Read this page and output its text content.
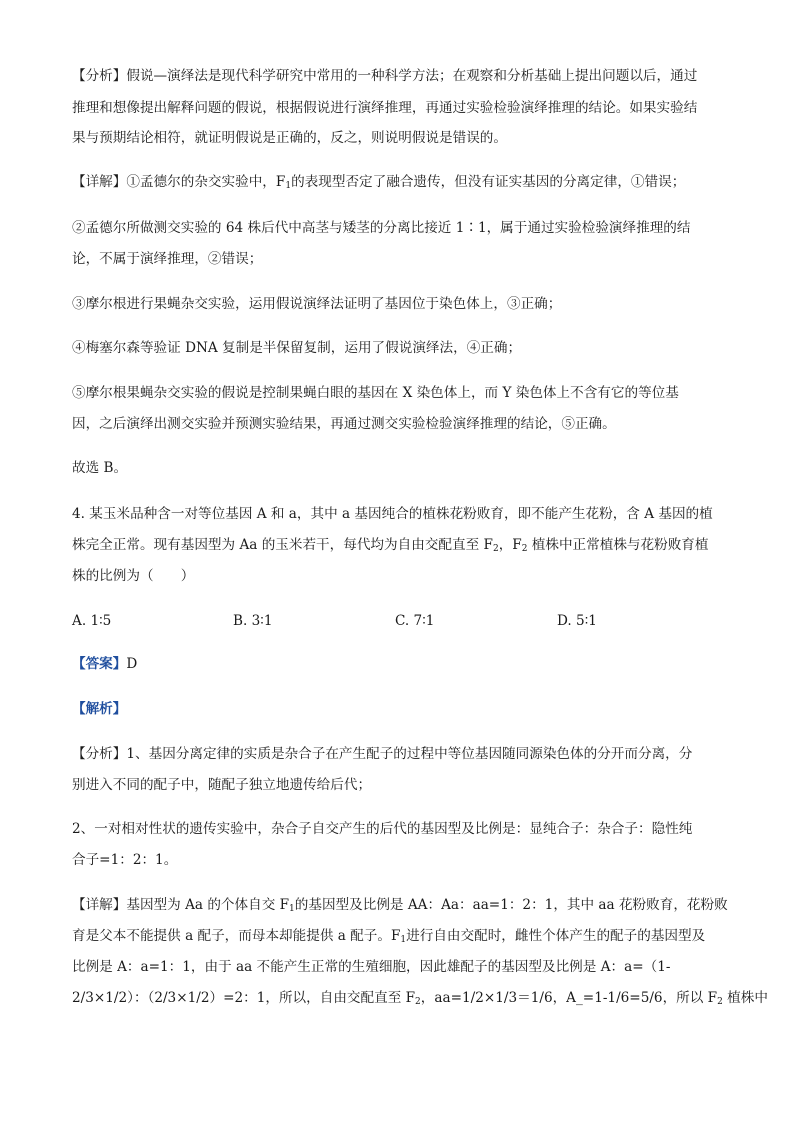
【分析】假说—演绎法是现代科学研究中常用的一种科学方法；在观察和分析基础上提出问题以后，通过
推理和想像提出解释问题的假说，根据假说进行演绎推理，再通过实验检验演绎推理的结论。如果实验结
果与预期结论相符，就证明假说是正确的，反之，则说明假说是错误的。
【详解】①孟德尔的杂交实验中，$F_1$的表现型否定了融合遗传，但没有证实基因的分离定律，①错误；
②孟德尔所做测交实验的 64 株后代中高茎与矮茎的分离比接近 1∶1，属于通过实验检验演绎推理的结
论，不属于演绎推理，②错误；
③摩尔根进行果蝇杂交实验，运用假说演绎法证明了基因位于染色体上，③正确；
④梅塞尔森等验证 DNA 复制是半保留复制，运用了假说演绎法，④正确；
⑤摩尔根果蝇杂交实验的假说是控制果蝇白眼的基因在 X 染色体上，而 Y 染色体上不含有它的等位基
因，之后演绎出测交实验并预测实验结果，再通过测交实验检验演绎推理的结论，⑤正确。
故选 B。
4. 某玉米品种含一对等位基因 A 和 a，其中 a 基因纯合的植株花粉败育，即不能产生花粉，含 A 基因的植
株完全正常。现有基因型为 Aa 的玉米若干，每代均为自由交配直至 $F_2$，$F_2$ 植株中正常植株与花粉败育植
株的比例为（　　）
A. 1∶5	B. 3∶1	C. 7∶1	D. 5∶1
【答案】D
【解析】
【分析】1、基因分离定律的实质是杂合子在产生配子的过程中等位基因随同源染色体的分开而分离，分
别进入不同的配子中，随配子独立地遗传给后代；
2、一对相对性状的遗传实验中，杂合子自交产生的后代的基因型及比例是：显纯合子：杂合子：隐性纯
合子=1：2：1。
【详解】基因型为 Aa 的个体自交 $F_1$的基因型及比例是 AA：Aa：aa=1：2：1，其中 aa 花粉败育，花粉败
育是父本不能提供 a 配子，而母本却能提供 a 配子。$F_1$进行自由交配时，雌性个体产生的配子的基因型及
比例是 A：a=1：1，由于 aa 不能产生正常的生殖细胞，因此雄配子的基因型及比例是 A：a=（1-
2/3×1/2）：（2/3×1/2）=2：1，所以，自由交配直至 $F_2$，aa=1/2×1/3＝1/6，A_=1-1/6=5/6，所以 $F_2$ 植株中
